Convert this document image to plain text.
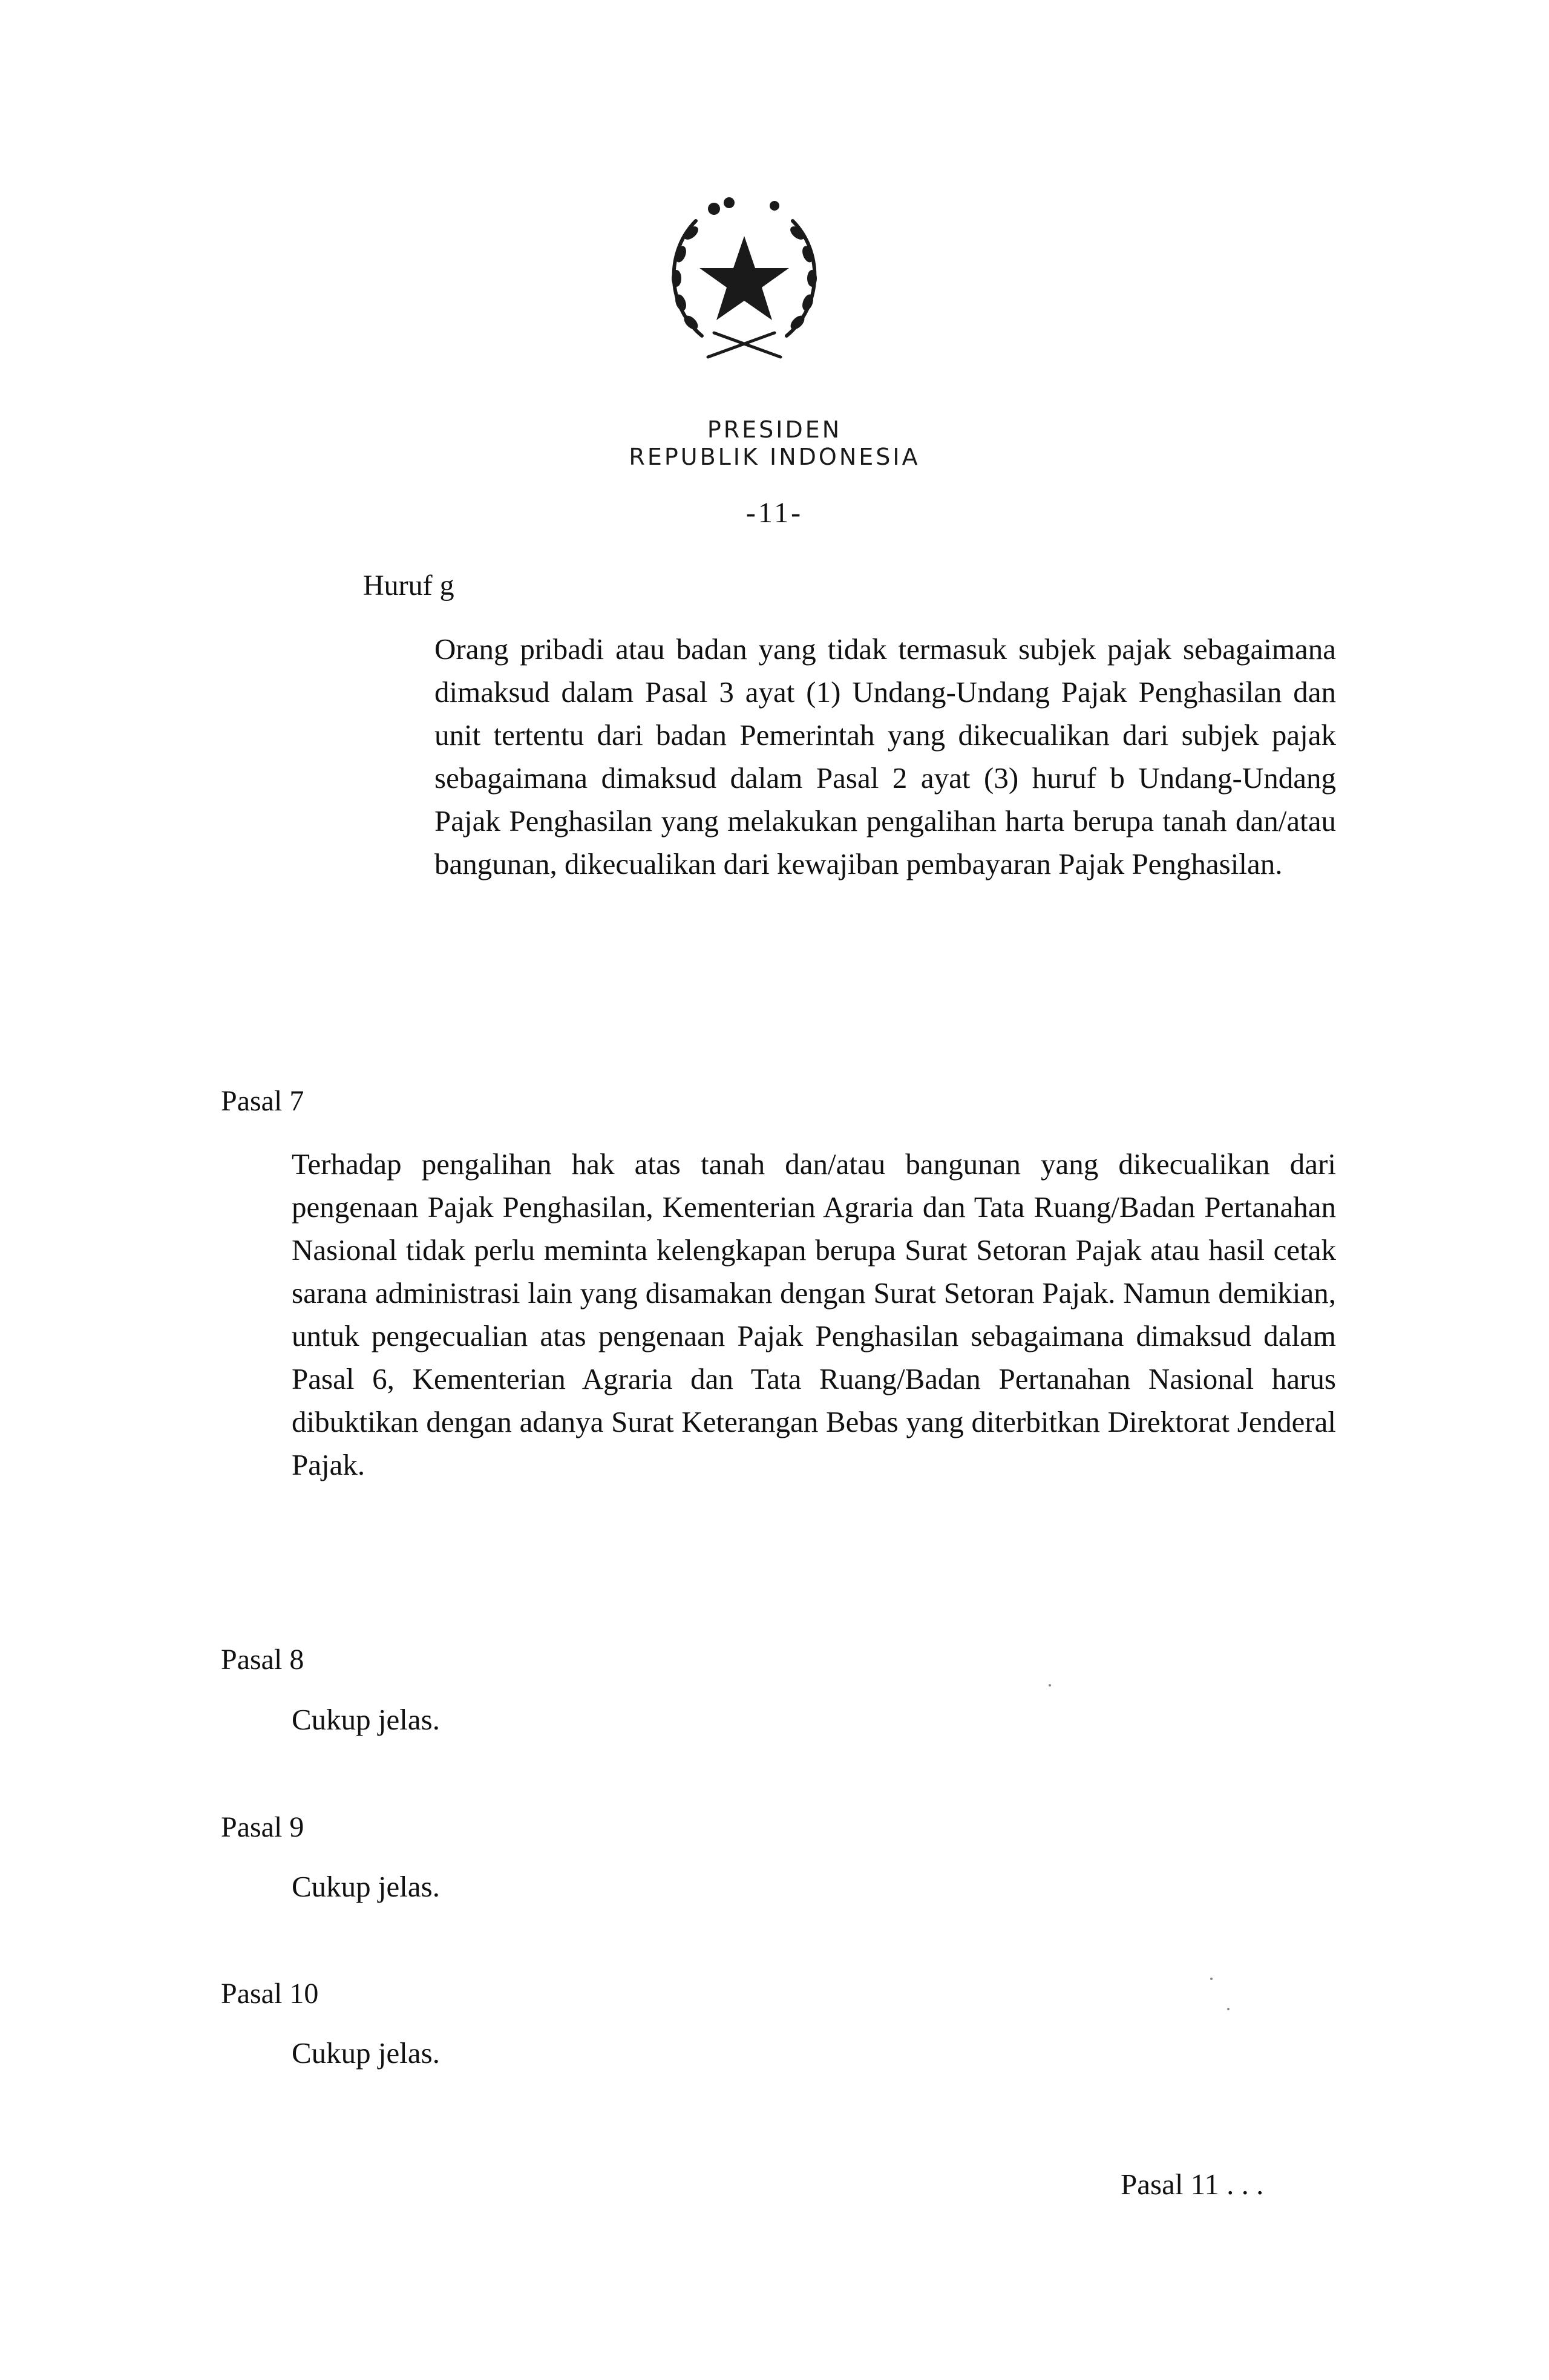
PRESIDEN
REPUBLIK INDONESIA
-11-
Huruf g
Orang pribadi atau badan yang tidak termasuk subjek pajak sebagaimana dimaksud dalam Pasal 3 ayat (1) Undang-Undang Pajak Penghasilan dan unit tertentu dari badan Pemerintah yang dikecualikan dari subjek pajak sebagaimana dimaksud dalam Pasal 2 ayat (3) huruf b Undang-Undang Pajak Penghasilan yang melakukan pengalihan harta berupa tanah dan/atau bangunan, dikecualikan dari kewajiban pembayaran Pajak Penghasilan.
Pasal 7
Terhadap pengalihan hak atas tanah dan/atau bangunan yang dikecualikan dari pengenaan Pajak Penghasilan, Kementerian Agraria dan Tata Ruang/Badan Pertanahan Nasional tidak perlu meminta kelengkapan berupa Surat Setoran Pajak atau hasil cetak sarana administrasi lain yang disamakan dengan Surat Setoran Pajak. Namun demikian, untuk pengecualian atas pengenaan Pajak Penghasilan sebagaimana dimaksud dalam Pasal 6, Kementerian Agraria dan Tata Ruang/Badan Pertanahan Nasional harus dibuktikan dengan adanya Surat Keterangan Bebas yang diterbitkan Direktorat Jenderal Pajak.
Pasal 8
Cukup jelas.
Pasal 9
Cukup jelas.
Pasal 10
Cukup jelas.
Pasal 11 . . .
